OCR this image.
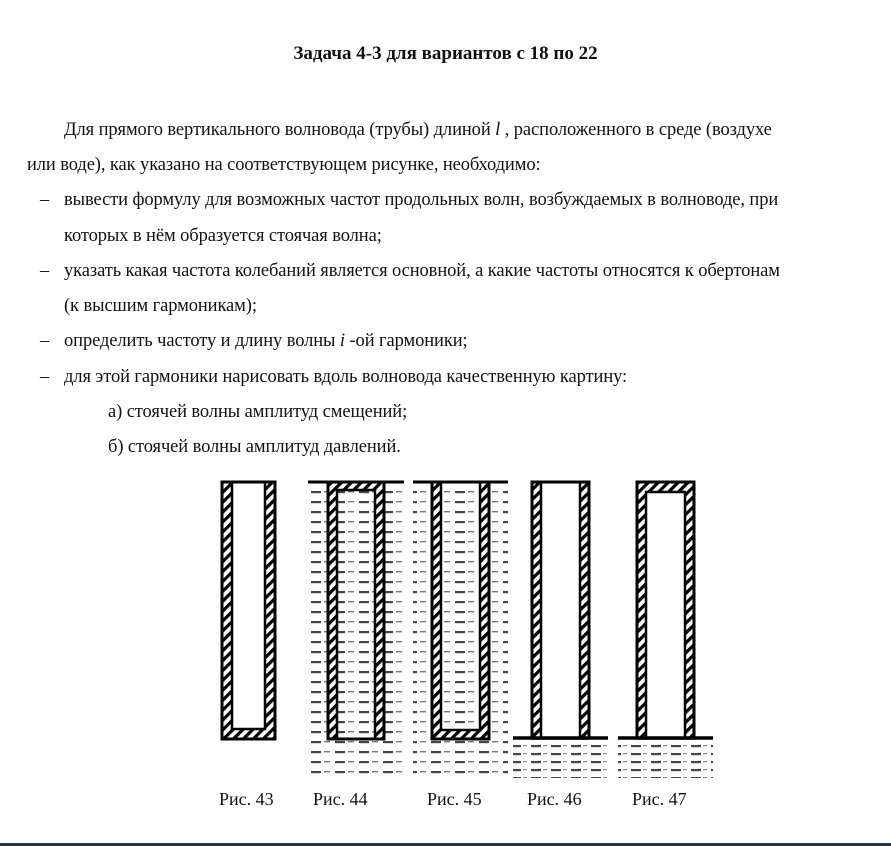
Задача 4-3 для вариантов с 18 по 22
Для прямого вертикального волновода (трубы) длиной l , расположенного в среде (воздухе
или воде), как указано на соответствующем рисунке, необходимо:
– вывести формулу для возможных частот продольных волн, возбуждаемых в волноводе, при
которых в нём образуется стоячая волна;
– указать какая частота колебаний является основной, а какие частоты относятся к обертонам
(к высшим гармоникам);
– определить частоту и длину волны i -ой гармоники;
– для этой гармоники нарисовать вдоль волновода качественную картину:
а) стоячей волны амплитуд смещений;
б) стоячей волны амплитуд давлений.
Рис. 43 Рис. 44	Рис. 45	Рис. 46	Рис. 47
